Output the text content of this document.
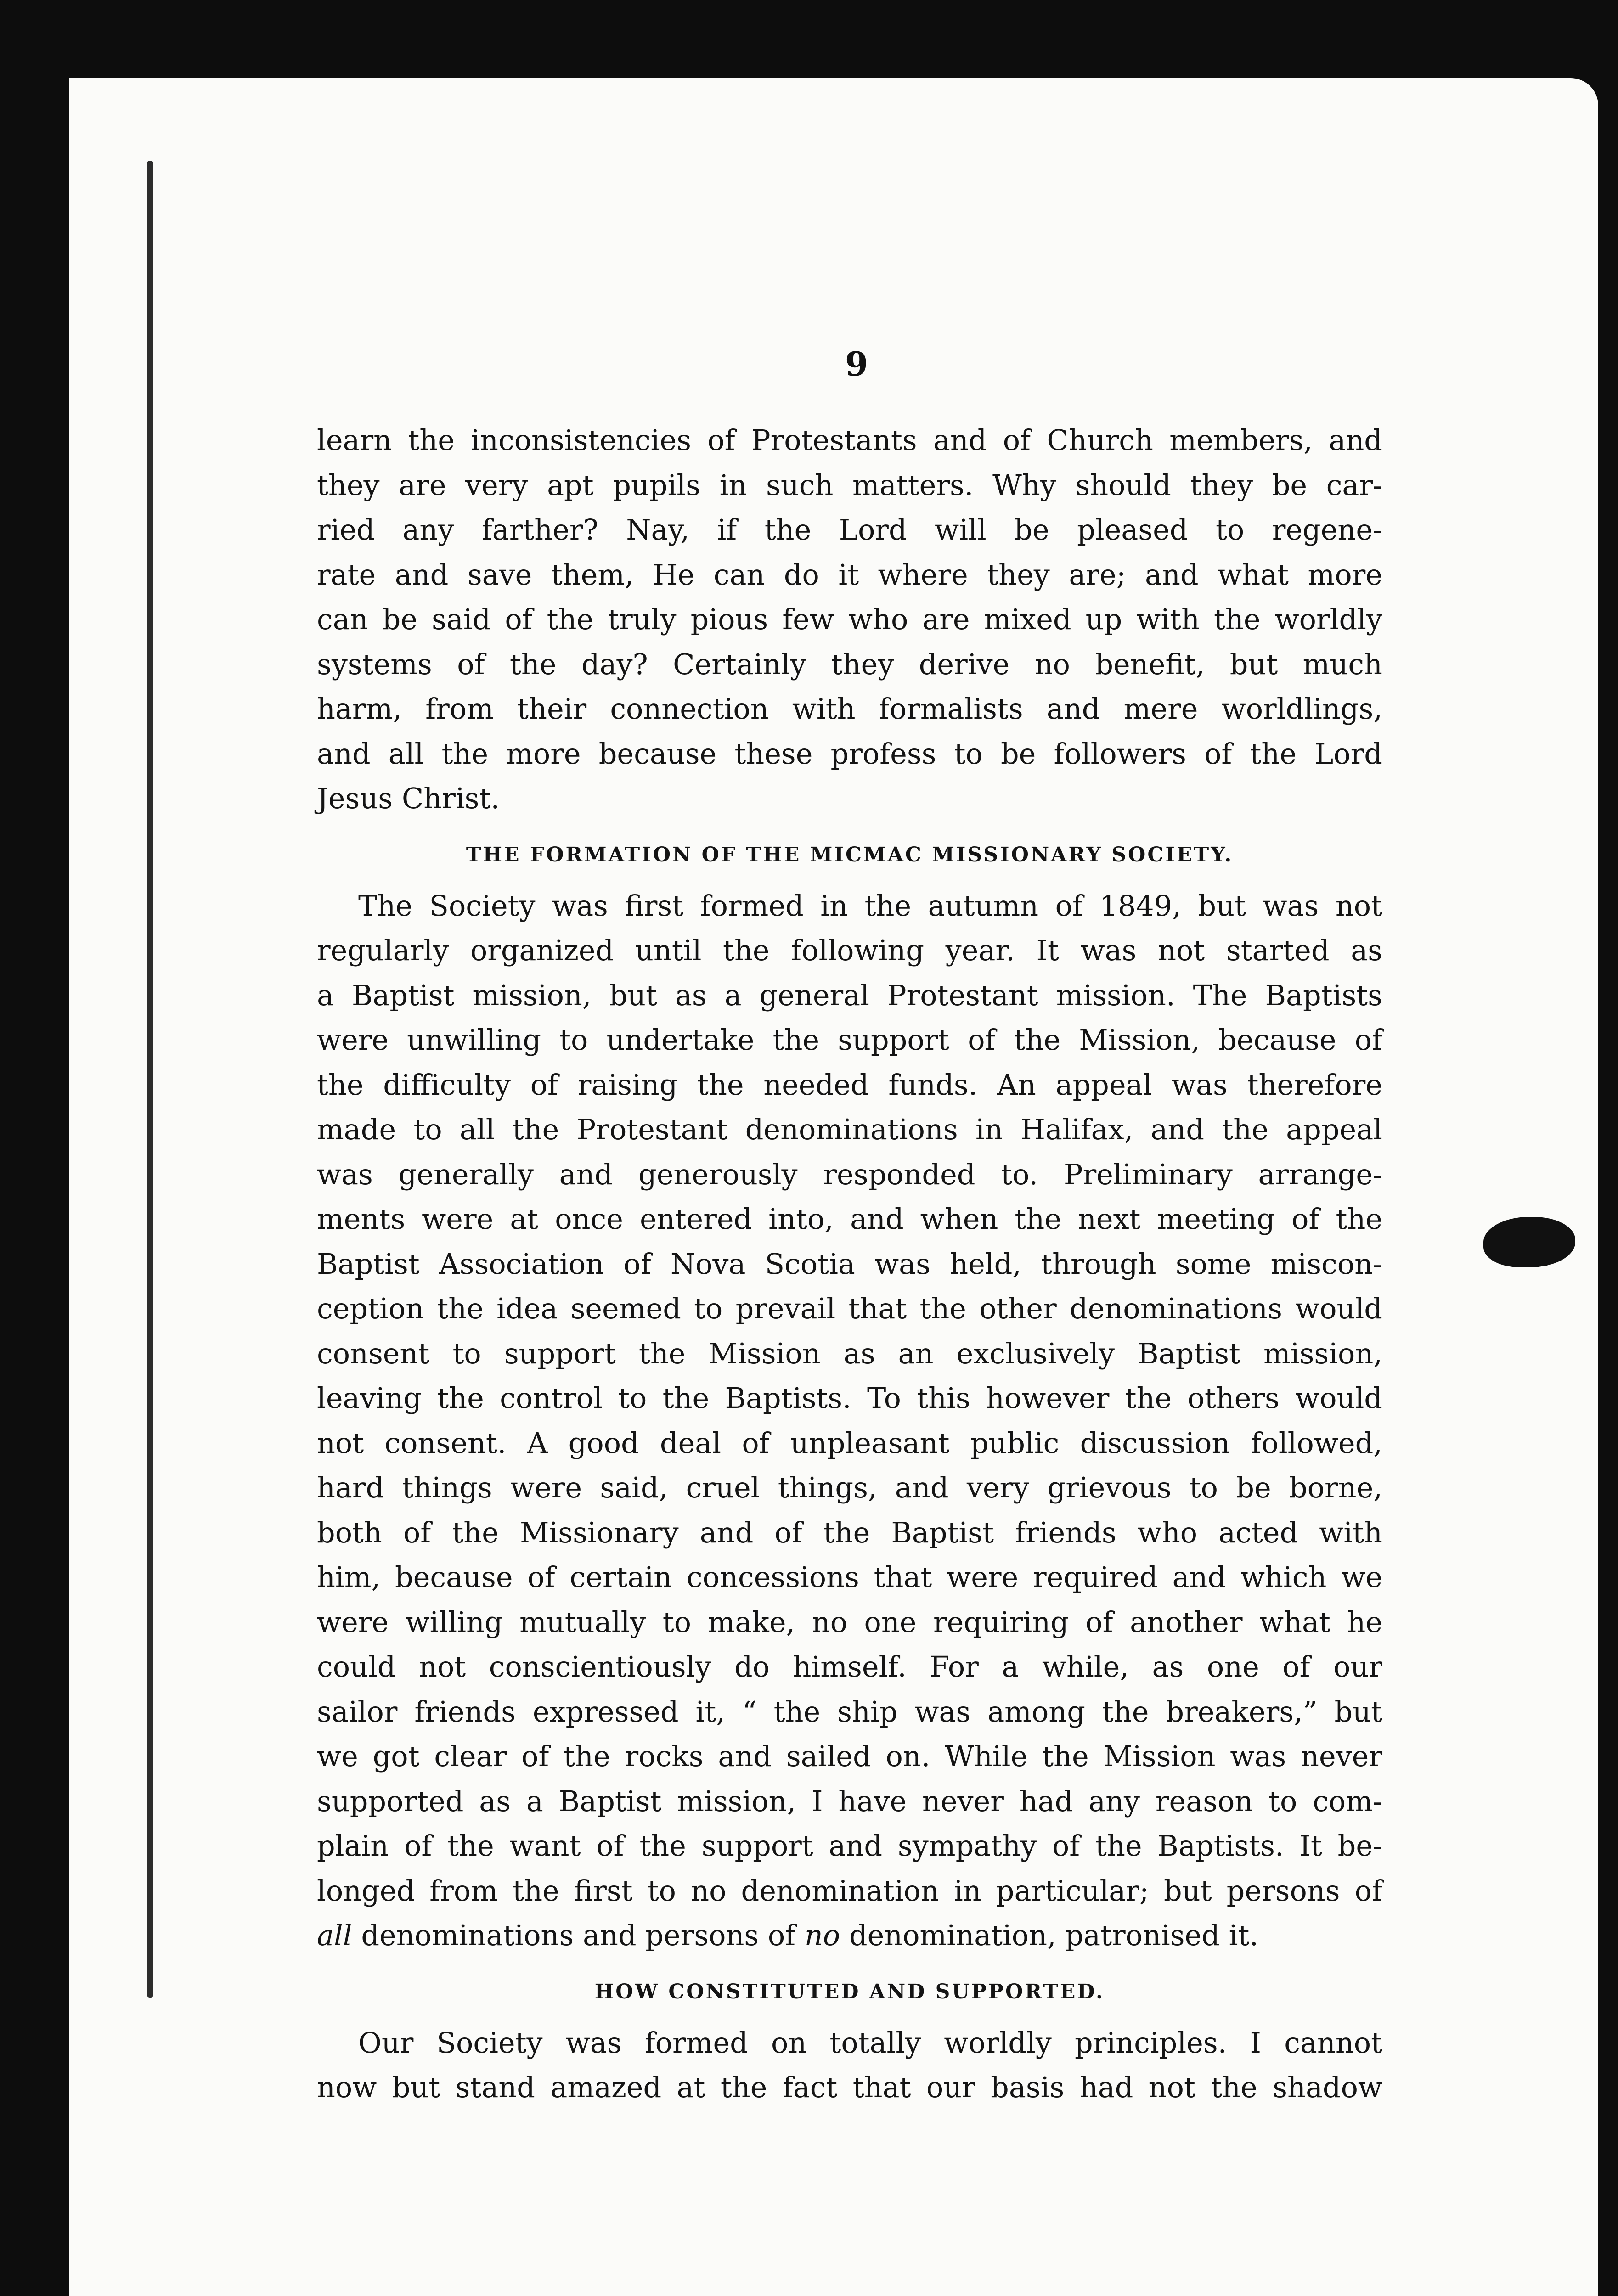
9
learn the inconsistencies of Protestants and of Church members, and
they are very apt pupils in such matters. Why should they be car-
ried any farther? Nay, if the Lord will be pleased to regene-
rate and save them, He can do it where they are; and what more
can be said of the truly pious few who are mixed up with the worldly
systems of the day? Certainly they derive no benefit, but much
harm, from their connection with formalists and mere worldlings,
and all the more because these profess to be followers of the Lord
Jesus Christ.
THE FORMATION OF THE MICMAC MISSIONARY SOCIETY.
The Society was first formed in the autumn of 1849, but was not
regularly organized until the following year. It was not started as
a Baptist mission, but as a general Protestant mission. The Baptists
were unwilling to undertake the support of the Mission, because of
the difficulty of raising the needed funds. An appeal was therefore
made to all the Protestant denominations in Halifax, and the appeal
was generally and generously responded to. Preliminary arrange-
ments were at once entered into, and when the next meeting of the
Baptist Association of Nova Scotia was held, through some miscon-
ception the idea seemed to prevail that the other denominations would
consent to support the Mission as an exclusively Baptist mission,
leaving the control to the Baptists. To this however the others would
not consent. A good deal of unpleasant public discussion followed,
hard things were said, cruel things, and very grievous to be borne,
both of the Missionary and of the Baptist friends who acted with
him, because of certain concessions that were required and which we
were willing mutually to make, no one requiring of another what he
could not conscientiously do himself. For a while, as one of our
sailor friends expressed it, “ the ship was among the breakers,” but
we got clear of the rocks and sailed on. While the Mission was never
supported as a Baptist mission, I have never had any reason to com-
plain of the want of the support and sympathy of the Baptists. It be-
longed from the first to no denomination in particular; but persons of
all denominations and persons of no denomination, patronised it.
HOW CONSTITUTED AND SUPPORTED.
Our Society was formed on totally worldly principles. I cannot
now but stand amazed at the fact that our basis had not the shadow
